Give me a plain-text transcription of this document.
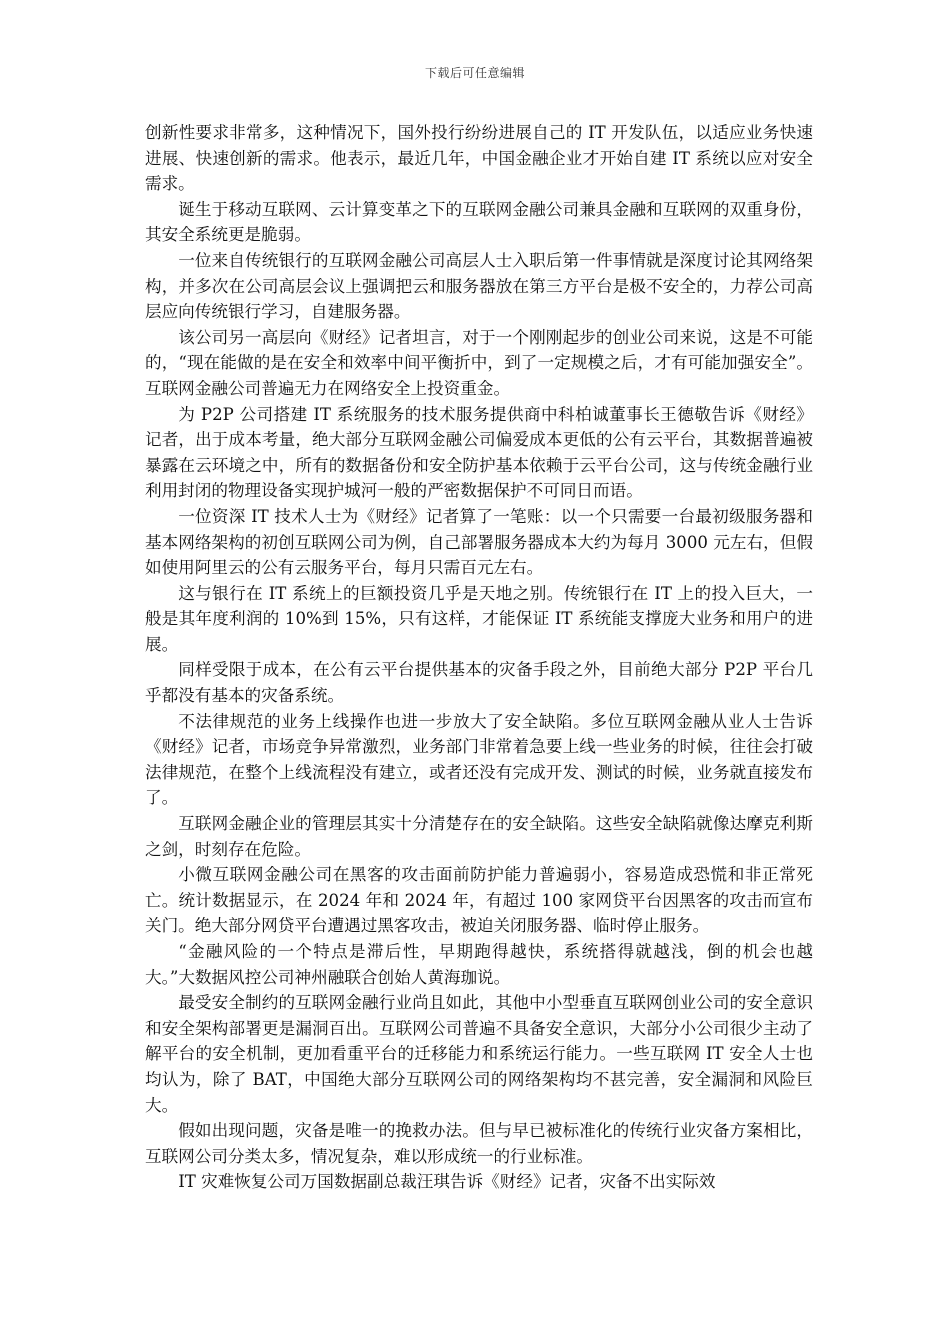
下载后可任意编辑

创新性要求非常多，这种情况下，国外投行纷纷进展自己的 IT 开发队伍，以适应业务快速进展、快速创新的需求。他表示，最近几年，中国金融企业才开始自建 IT 系统以应对安全需求。

诞生于移动互联网、云计算变革之下的互联网金融公司兼具金融和互联网的双重身份，其安全系统更是脆弱。

一位来自传统银行的互联网金融公司高层人士入职后第一件事情就是深度讨论其网络架构，并多次在公司高层会议上强调把云和服务器放在第三方平台是极不安全的，力荐公司高层应向传统银行学习，自建服务器。

该公司另一高层向《财经》记者坦言，对于一个刚刚起步的创业公司来说，这是不可能的，“现在能做的是在安全和效率中间平衡折中，到了一定规模之后，才有可能加强安全”。互联网金融公司普遍无力在网络安全上投资重金。

为 P2P 公司搭建 IT 系统服务的技术服务提供商中科柏诚董事长王德敬告诉《财经》记者，出于成本考量，绝大部分互联网金融公司偏爱成本更低的公有云平台，其数据普遍被暴露在云环境之中，所有的数据备份和安全防护基本依赖于云平台公司，这与传统金融行业利用封闭的物理设备实现护城河一般的严密数据保护不可同日而语。

一位资深 IT 技术人士为《财经》记者算了一笔账：以一个只需要一台最初级服务器和基本网络架构的初创互联网公司为例，自己部署服务器成本大约为每月 3000 元左右，但假如使用阿里云的公有云服务平台，每月只需百元左右。

这与银行在 IT 系统上的巨额投资几乎是天地之别。传统银行在 IT 上的投入巨大，一般是其年度利润的 10%到 15%，只有这样，才能保证 IT 系统能支撑庞大业务和用户的进展。

同样受限于成本，在公有云平台提供基本的灾备手段之外，目前绝大部分 P2P 平台几乎都没有基本的灾备系统。

不法律规范的业务上线操作也进一步放大了安全缺陷。多位互联网金融从业人士告诉《财经》记者，市场竞争异常激烈，业务部门非常着急要上线一些业务的时候，往往会打破法律规范，在整个上线流程没有建立，或者还没有完成开发、测试的时候，业务就直接发布了。

互联网金融企业的管理层其实十分清楚存在的安全缺陷。这些安全缺陷就像达摩克利斯之剑，时刻存在危险。

小微互联网金融公司在黑客的攻击面前防护能力普遍弱小，容易造成恐慌和非正常死亡。统计数据显示，在 2024 年和 2024 年，有超过 100 家网贷平台因黑客的攻击而宣布关门。绝大部分网贷平台遭遇过黑客攻击，被迫关闭服务器、临时停止服务。

“金融风险的一个特点是滞后性，早期跑得越快，系统搭得就越浅，倒的机会也越大。”大数据风控公司神州融联合创始人黄海珈说。

最受安全制约的互联网金融行业尚且如此，其他中小型垂直互联网创业公司的安全意识和安全架构部署更是漏洞百出。互联网公司普遍不具备安全意识，大部分小公司很少主动了解平台的安全机制，更加看重平台的迁移能力和系统运行能力。一些互联网 IT 安全人士也均认为，除了 BAT，中国绝大部分互联网公司的网络架构均不甚完善，安全漏洞和风险巨大。

假如出现问题，灾备是唯一的挽救办法。但与早已被标准化的传统行业灾备方案相比，互联网公司分类太多，情况复杂，难以形成统一的行业标准。

IT 灾难恢复公司万国数据副总裁汪琪告诉《财经》记者，灾备不出实际效
